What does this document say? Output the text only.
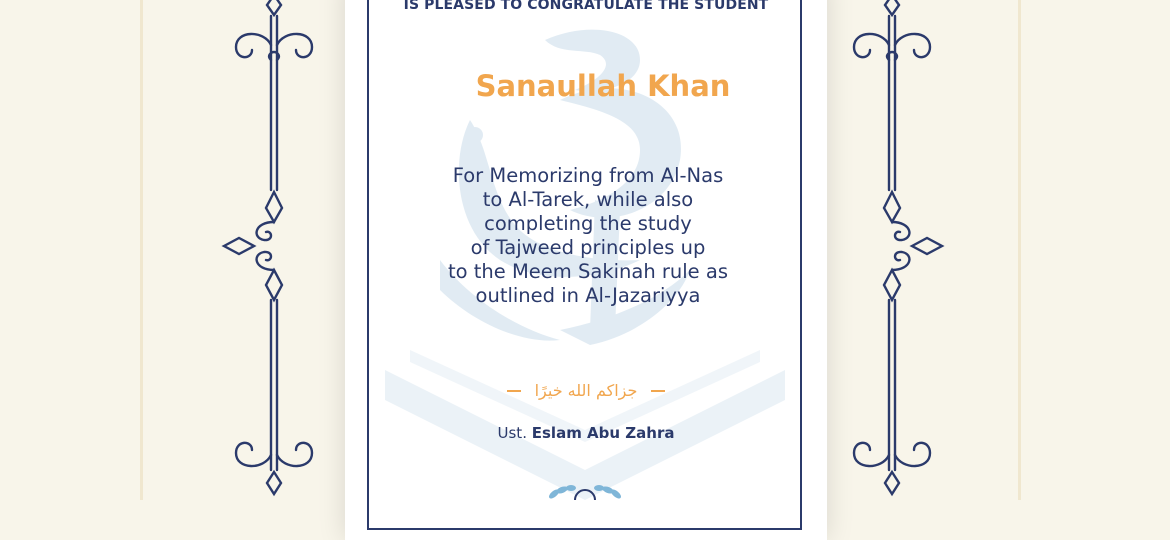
IS PLEASED TO CONGRATULATE THE STUDENT
Sanaullah Khan
For Memorizing from Al-Nas
to Al-Tarek, while also
completing the study
of Tajweed principles up
to the Meem Sakinah rule as
outlined in Al-Jazariyya
جزاكم الله خيرًا
Ust. Eslam Abu Zahra
